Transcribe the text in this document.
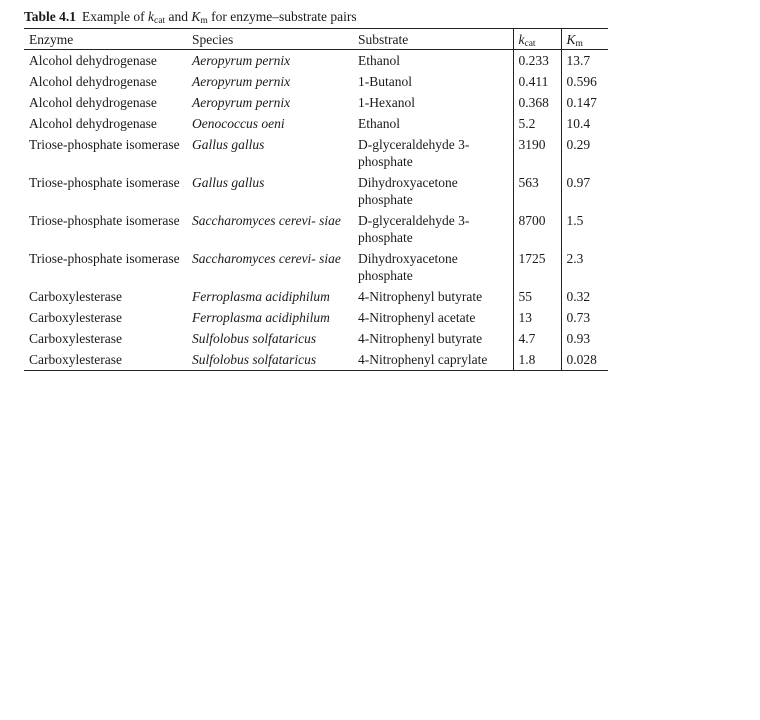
Table 4.1 Example of $k_{cat}$ and $K_m$ for enzyme–substrate pairs
Enzyme	Species	Substrate	$k_{cat}$	$K_m$
Alcohol dehydrogenase	Aeropyrum pernix	Ethanol	0.233	13.7
Alcohol dehydrogenase	Aeropyrum pernix	1-Butanol	0.411	0.596
Alcohol dehydrogenase	Aeropyrum pernix	1-Hexanol	0.368	0.147
Alcohol dehydrogenase	Oenococcus oeni	Ethanol	5.2	10.4
Triose-phosphate isomerase	Gallus gallus	D-glyceraldehyde 3-phosphate	3190	0.29
Triose-phosphate isomerase	Gallus gallus	Dihydroxyacetone phosphate	563	0.97
Triose-phosphate isomerase	Saccharomyces cerevi- siae	D-glyceraldehyde 3-phosphate	8700	1.5
Triose-phosphate isomerase	Saccharomyces cerevi- siae	Dihydroxyacetone phosphate	1725	2.3
Carboxylesterase	Ferroplasma acidiphilum	4-Nitrophenyl butyrate	55	0.32
Carboxylesterase	Ferroplasma acidiphilum	4-Nitrophenyl acetate	13	0.73
Carboxylesterase	Sulfolobus solfataricus	4-Nitrophenyl butyrate	4.7	0.93
Carboxylesterase	Sulfolobus solfataricus	4-Nitrophenyl caprylate	1.8	0.028
